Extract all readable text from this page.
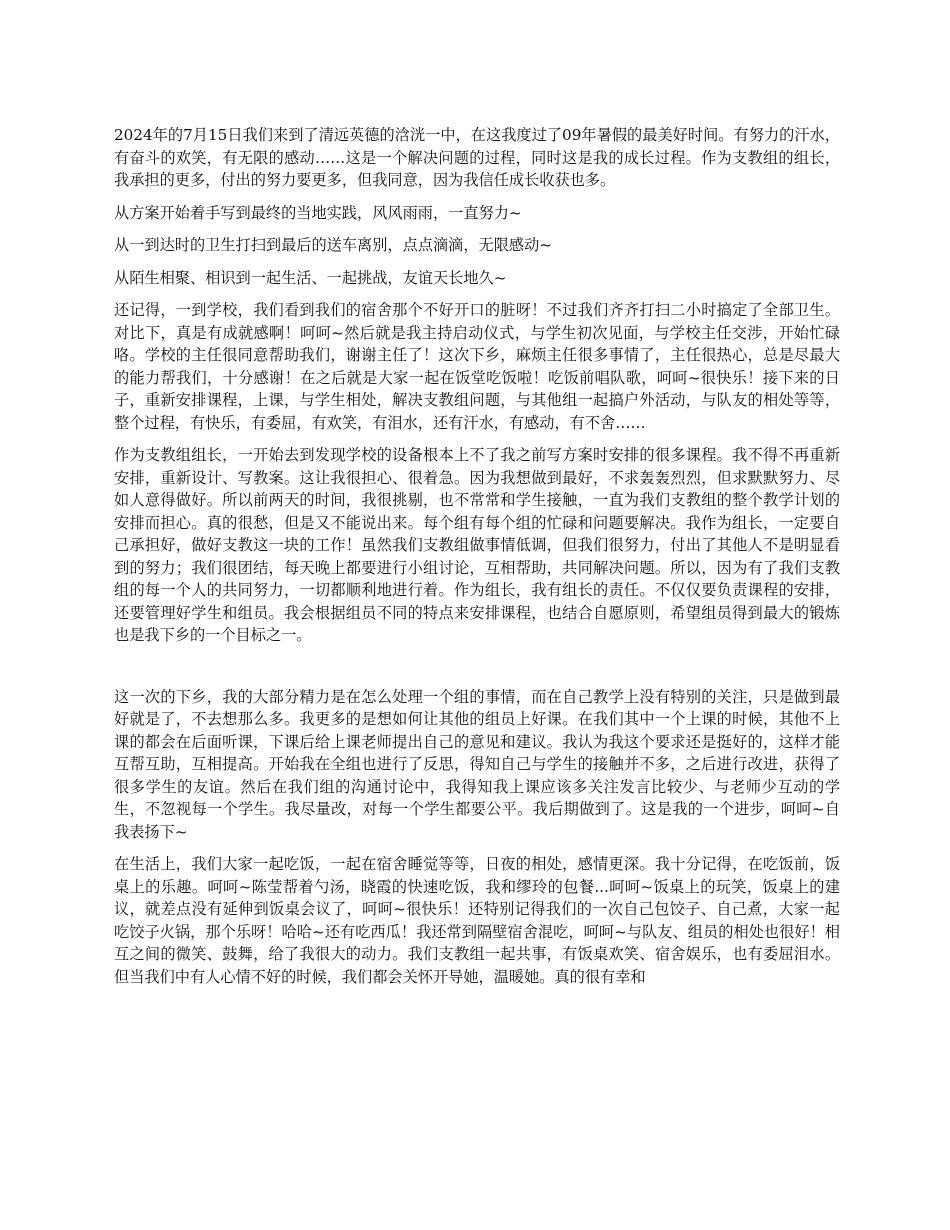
2024年的7月15日我们来到了清远英德的浛洸一中，在这我度过了09年暑假的最美好时间。有努力的汗水，有奋斗的欢笑，有无限的感动……这是一个解决问题的过程，同时这是我的成长过程。作为支教组的组长，我承担的更多，付出的努力要更多，但我同意，因为我信任成长收获也多。

从方案开始着手写到最终的当地实践，风风雨雨，一直努力~

从一到达时的卫生打扫到最后的送车离别，点点滴滴，无限感动~

从陌生相聚、相识到一起生活、一起挑战，友谊天长地久~

还记得，一到学校，我们看到我们的宿舍那个不好开口的脏呀！不过我们齐齐打扫二小时搞定了全部卫生。对比下，真是有成就感啊！呵呵~然后就是我主持启动仪式，与学生初次见面，与学校主任交涉，开始忙碌咯。学校的主任很同意帮助我们，谢谢主任了！这次下乡，麻烦主任很多事情了，主任很热心，总是尽最大的能力帮我们，十分感谢！在之后就是大家一起在饭堂吃饭啦！吃饭前唱队歌，呵呵~很快乐！接下来的日子，重新安排课程，上课，与学生相处，解决支教组问题，与其他组一起搞户外活动，与队友的相处等等，整个过程，有快乐，有委屈，有欢笑，有泪水，还有汗水，有感动，有不舍……

作为支教组组长，一开始去到发现学校的设备根本上不了我之前写方案时安排的很多课程。我不得不再重新安排，重新设计、写教案。这让我很担心、很着急。因为我想做到最好，不求轰轰烈烈，但求默默努力、尽如人意得做好。所以前两天的时间，我很挑剔，也不常常和学生接触，一直为我们支教组的整个教学计划的安排而担心。真的很愁，但是又不能说出来。每个组有每个组的忙碌和问题要解决。我作为组长，一定要自己承担好，做好支教这一块的工作！虽然我们支教组做事情低调，但我们很努力，付出了其他人不是明显看到的努力；我们很团结，每天晚上都要进行小组讨论，互相帮助，共同解决问题。所以，因为有了我们支教组的每一个人的共同努力，一切都顺利地进行着。作为组长，我有组长的责任。不仅仅要负责课程的安排，还要管理好学生和组员。我会根据组员不同的特点来安排课程，也结合自愿原则，希望组员得到最大的锻炼也是我下乡的一个目标之一。

这一次的下乡，我的大部分精力是在怎么处理一个组的事情，而在自己教学上没有特别的关注，只是做到最好就是了，不去想那么多。我更多的是想如何让其他的组员上好课。在我们其中一个上课的时候，其他不上课的都会在后面听课，下课后给上课老师提出自己的意见和建议。我认为我这个要求还是挺好的，这样才能互帮互助，互相提高。开始我在全组也进行了反思，得知自己与学生的接触并不多，之后进行改进，获得了很多学生的友谊。然后在我们组的沟通讨论中，我得知我上课应该多关注发言比较少、与老师少互动的学生，不忽视每一个学生。我尽量改，对每一个学生都要公平。我后期做到了。这是我的一个进步，呵呵~自我表扬下~

在生活上，我们大家一起吃饭，一起在宿舍睡觉等等，日夜的相处，感情更深。我十分记得，在吃饭前，饭桌上的乐趣。呵呵~陈莹帮着勺汤，晓霞的快速吃饭，我和缪玲的包餐...呵呵~饭桌上的玩笑，饭桌上的建议，就差点没有延伸到饭桌会议了，呵呵~很快乐！还特别记得我们的一次自己包饺子、自己煮，大家一起吃饺子火锅，那个乐呀！哈哈~还有吃西瓜！我还常到隔壁宿舍混吃，呵呵~与队友、组员的相处也很好！相互之间的微笑、鼓舞，给了我很大的动力。我们支教组一起共事，有饭桌欢笑、宿舍娱乐，也有委屈泪水。但当我们中有人心情不好的时候，我们都会关怀开导她，温暖她。真的很有幸和
